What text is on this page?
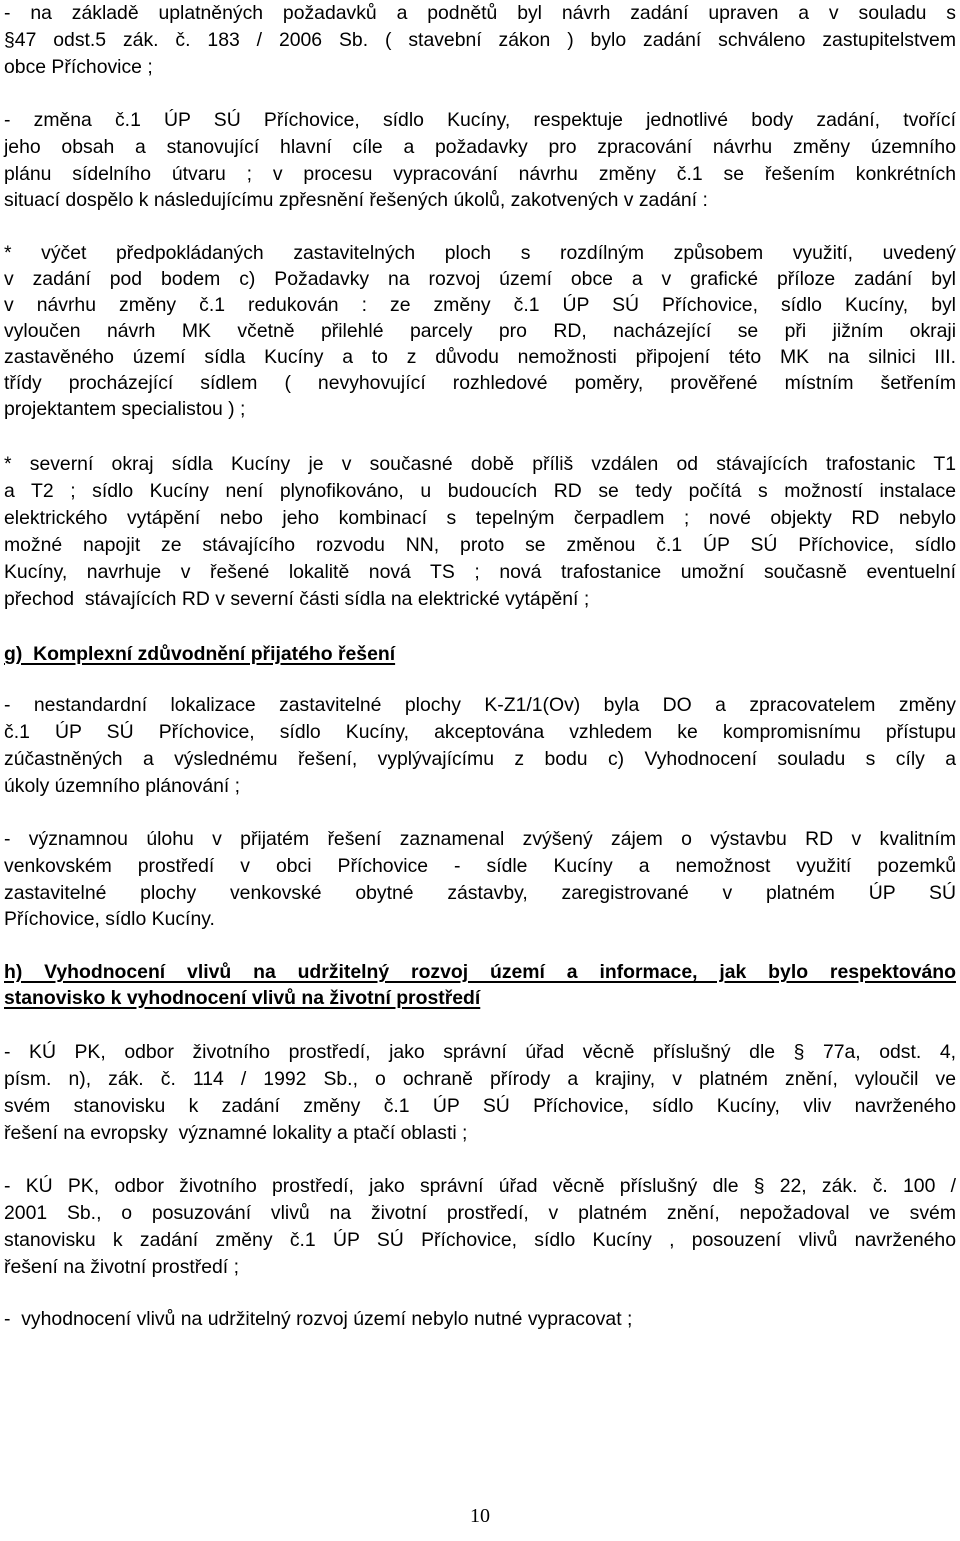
- na základě uplatněných požadavků a podnětů byl návrh zadání upraven a v souladu s
§47 odst.5 zák. č. 183 / 2006 Sb. ( stavební zákon ) bylo zadání schváleno zastupitelstvem
obce Příchovice ;
- změna č.1 ÚP SÚ Příchovice, sídlo Kucíny, respektuje jednotlivé body zadání, tvořící
jeho obsah a stanovující hlavní cíle a požadavky pro zpracování návrhu změny územního
plánu sídelního útvaru ; v procesu vypracování návrhu změny č.1 se řešením konkrétních
situací dospělo k následujícímu zpřesnění řešených úkolů, zakotvených v zadání :
* výčet předpokládaných zastavitelných ploch s rozdílným způsobem využití, uvedený
v zadání pod bodem c) Požadavky na rozvoj území obce a v grafické příloze zadání byl
v návrhu změny č.1 redukován : ze změny č.1 ÚP SÚ Příchovice, sídlo Kucíny, byl
vyloučen návrh MK včetně přilehlé parcely pro RD, nacházející se při jižním okraji
zastavěného území sídla Kucíny a to z důvodu nemožnosti připojení této MK na silnici III.
třídy procházející sídlem ( nevyhovující rozhledové poměry, prověřené místním šetřením
projektantem specialistou ) ;
* severní okraj sídla Kucíny je v současné době příliš vzdálen od stávajících trafostanic T1
a T2 ; sídlo Kucíny není plynofikováno, u budoucích RD se tedy počítá s možností instalace
elektrického vytápění nebo jeho kombinací s tepelným čerpadlem ; nové objekty RD nebylo
možné napojit ze stávajícího rozvodu NN, proto se změnou č.1 ÚP SÚ Příchovice, sídlo
Kucíny, navrhuje v řešené lokalitě nová TS ; nová trafostanice umožní současně eventuelní
přechod  stávajících RD v severní části sídla na elektrické vytápění ;
g)  Komplexní zdůvodnění přijatého řešení
- nestandardní lokalizace zastavitelné plochy K-Z1/1(Ov) byla DO a zpracovatelem změny
č.1 ÚP SÚ Příchovice, sídlo Kucíny, akceptována vzhledem ke kompromisnímu přístupu
zúčastněných a výslednému řešení, vyplývajícímu z bodu c) Vyhodnocení souladu s cíly a
úkoly územního plánování ;
- významnou úlohu v přijatém řešení zaznamenal zvýšený zájem o výstavbu RD v kvalitním
venkovském prostředí v obci Příchovice - sídle Kucíny a nemožnost využití pozemků
zastavitelné plochy venkovské obytné zástavby, zaregistrované v platném ÚP SÚ
Příchovice, sídlo Kucíny.
h) Vyhodnocení vlivů na udržitelný rozvoj území a informace, jak bylo respektováno
stanovisko k vyhodnocení vlivů na životní prostředí
- KÚ PK, odbor životního prostředí, jako správní úřad věcně příslušný dle § 77a, odst. 4,
písm. n), zák. č. 114 / 1992 Sb., o ochraně přírody a krajiny, v platném znění, vyloučil ve
svém stanovisku k zadání změny č.1 ÚP SÚ Příchovice, sídlo Kucíny, vliv navrženého
řešení na evropsky  významné lokality a ptačí oblasti ;
- KÚ PK, odbor životního prostředí, jako správní úřad věcně příslušný dle § 22, zák. č. 100 /
2001 Sb., o posuzování vlivů na životní prostředí, v platném znění, nepožadoval ve svém
stanovisku k zadání změny č.1 ÚP SÚ Příchovice, sídlo Kucíny , posouzení vlivů navrženého
řešení na životní prostředí ;
-  vyhodnocení vlivů na udržitelný rozvoj území nebylo nutné vypracovat ;
10
